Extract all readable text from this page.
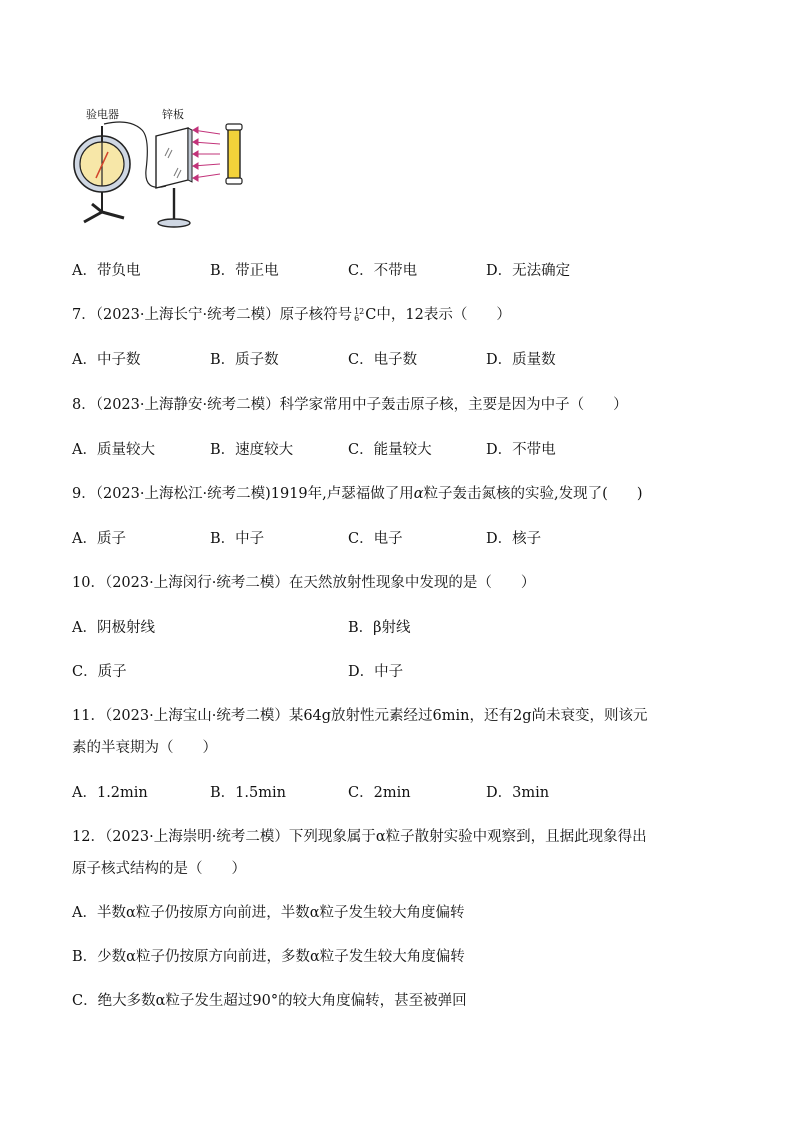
验电器	锌板
A．带负电	B．带正电	C．不带电	D．无法确定
7．（2023·上海长宁·统考二模）原子核符号 12
6 C中，12表示（　　）
A．中子数	B．质子数	C．电子数	D．质量数
8．（2023·上海静安·统考二模）科学家常用中子轰击原子核，主要是因为中子（　　）
A．质量较大	B．速度较大	C．能量较大	D．不带电
9．（2023·上海松江·统考二模)1919年,卢瑟福做了用α粒子轰击氮核的实验,发现了(　　)
A．质子	B．中子	C．电子	D．核子
10．（2023·上海闵行·统考二模）在天然放射性现象中发现的是（　　）
A．阴极射线	B．β射线
C．质子	D．中子
11．（2023·上海宝山·统考二模）某64g放射性元素经过6min，还有2g尚未衰变，则该元
素的半衰期为（　　）
A．1.2min	B．1.5min	C．2min	D．3min
12．（2023·上海崇明·统考二模）下列现象属于α粒子散射实验中观察到，且据此现象得出
原子核式结构的是（　　）
A．半数α粒子仍按原方向前进，半数α粒子发生较大角度偏转
B．少数α粒子仍按原方向前进，多数α粒子发生较大角度偏转
C．绝大多数α粒子发生超过90°的较大角度偏转，甚至被弹回
